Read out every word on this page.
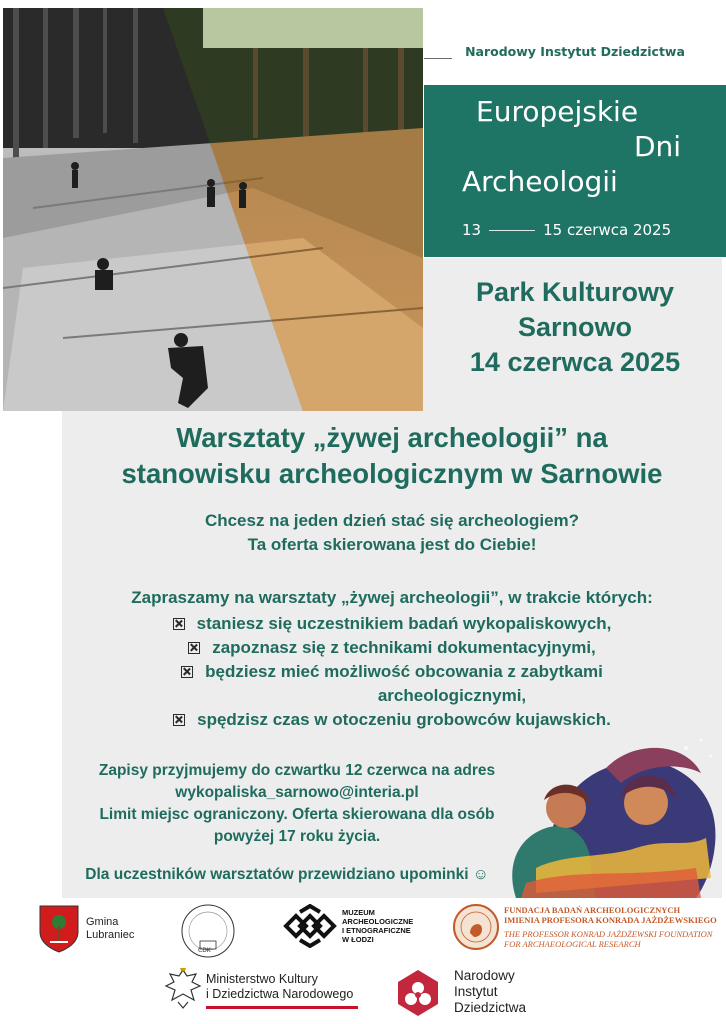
Narodowy Instytut Dziedzictwa
Europejskie
Dni
Archeologii
13	15 czerwca 2025
Park Kulturowy
Sarnowo
14 czerwca 2025
Warsztaty „żywej archeologii” na
stanowisku archeologicznym w Sarnowie
Chcesz na jeden dzień stać się archeologiem?
Ta oferta skierowana jest do Ciebie!
Zapraszamy na warsztaty „żywej archeologii”, w trakcie których:
staniesz się uczestnikiem badań wykopaliskowych,
zapoznasz się z technikami dokumentacyjnymi,
będziesz mieć możliwość obcowania z zabytkami
archeologicznymi,
spędzisz czas w otoczeniu grobowców kujawskich.
Zapisy przyjmujemy do czwartku 12 czerwca na adres
wykopaliska_sarnowo@interia.pl
Limit miejsc ograniczony. Oferta skierowana dla osób
powyżej 17 roku życia.
Dla uczestników warsztatów przewidziano upominki ☺
Gmina
Lubraniec
CDK
MUZEUM
ARCHEOLOGICZNE
I ETNOGRAFICZNE
W ŁODZI
FUNDACJA BADAŃ ARCHEOLOGICZNYCH
IMIENIA PROFESORA KONRADA JAŻDŻEWSKIEGO
THE PROFESSOR KONRAD JAŻDŻEWSKI FOUNDATION
FOR ARCHAEOLOGICAL RESEARCH
Ministerstwo Kultury
i Dziedzictwa Narodowego
Narodowy
Instytut
Dziedzictwa
